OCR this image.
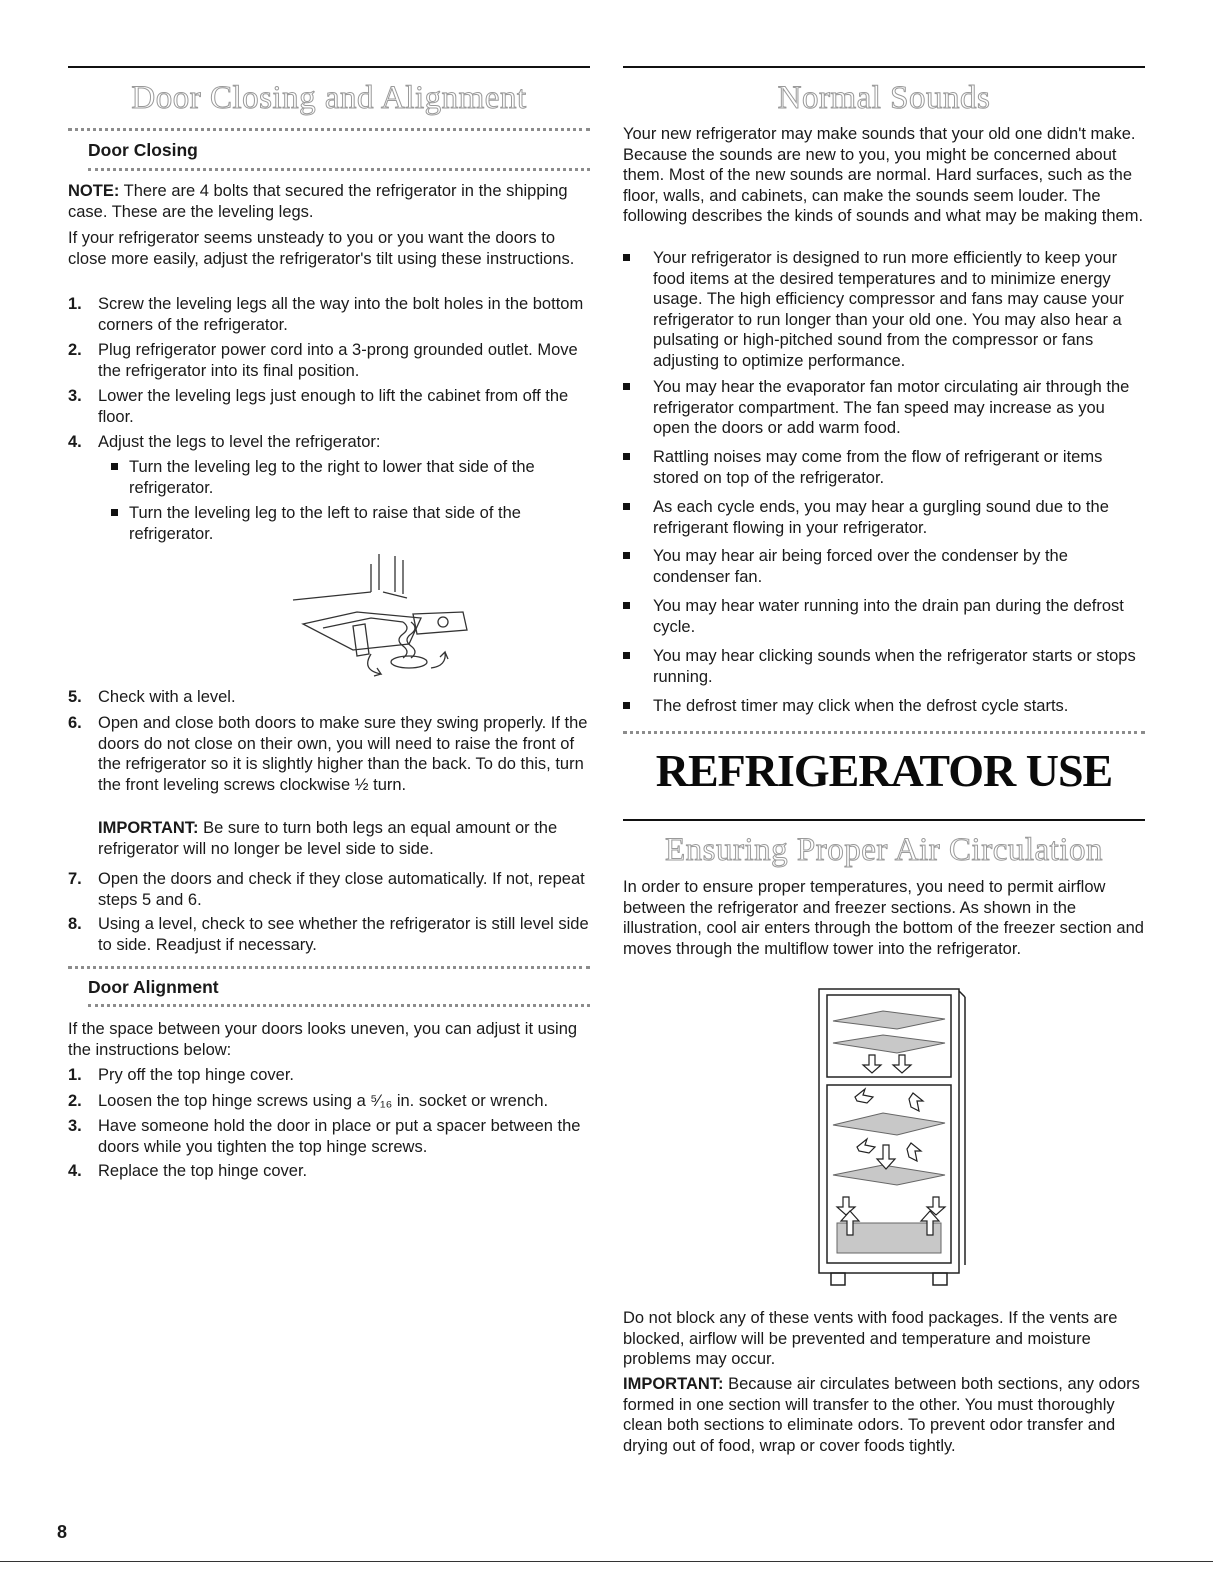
Door Closing and Alignment
Door Closing

NOTE: There are 4 bolts that secured the refrigerator in the shipping case. These are the leveling legs.

If your refrigerator seems unsteady to you or you want the doors to close more easily, adjust the refrigerator's tilt using these instructions.

1. Screw the leveling legs all the way into the bolt holes in the bottom corners of the refrigerator.
2. Plug refrigerator power cord into a 3-prong grounded outlet. Move the refrigerator into its final position.
3. Lower the leveling legs just enough to lift the cabinet from off the floor.
4. Adjust the legs to level the refrigerator:
Turn the leveling leg to the right to lower that side of the refrigerator.
Turn the leveling leg to the left to raise that side of the refrigerator.
5. Check with a level.
6. Open and close both doors to make sure they swing properly. If the doors do not close on their own, you will need to raise the front of the refrigerator so it is slightly higher than the back. To do this, turn the front leveling screws clockwise ½ turn.

IMPORTANT: Be sure to turn both legs an equal amount or the refrigerator will no longer be level side to side.

7. Open the doors and check if they close automatically. If not, repeat steps 5 and 6.
8. Using a level, check to see whether the refrigerator is still level side to side. Readjust if necessary.
Door Alignment

If the space between your doors looks uneven, you can adjust it using the instructions below:

1. Pry off the top hinge cover.
2. Loosen the top hinge screws using a ⁵⁄₁₆ in. socket or wrench.
3. Have someone hold the door in place or put a spacer between the doors while you tighten the top hinge screws.
4. Replace the top hinge cover.
Normal Sounds

Your new refrigerator may make sounds that your old one didn't make. Because the sounds are new to you, you might be concerned about them. Most of the new sounds are normal. Hard surfaces, such as the floor, walls, and cabinets, can make the sounds seem louder. The following describes the kinds of sounds and what may be making them.

Your refrigerator is designed to run more efficiently to keep your food items at the desired temperatures and to minimize energy usage. The high efficiency compressor and fans may cause your refrigerator to run longer than your old one. You may also hear a pulsating or high-pitched sound from the compressor or fans adjusting to optimize performance.
You may hear the evaporator fan motor circulating air through the refrigerator compartment. The fan speed may increase as you open the doors or add warm food.
Rattling noises may come from the flow of refrigerant or items stored on top of the refrigerator.
As each cycle ends, you may hear a gurgling sound due to the refrigerant flowing in your refrigerator.
You may hear air being forced over the condenser by the condenser fan.
You may hear water running into the drain pan during the defrost cycle.
You may hear clicking sounds when the refrigerator starts or stops running.
The defrost timer may click when the defrost cycle starts.
REFRIGERATOR USE
Ensuring Proper Air Circulation

In order to ensure proper temperatures, you need to permit airflow between the refrigerator and freezer sections. As shown in the illustration, cool air enters through the bottom of the freezer section and moves through the multiflow tower into the refrigerator.

Do not block any of these vents with food packages. If the vents are blocked, airflow will be prevented and temperature and moisture problems may occur.

IMPORTANT: Because air circulates between both sections, any odors formed in one section will transfer to the other. You must thoroughly clean both sections to eliminate odors. To prevent odor transfer and drying out of food, wrap or cover foods tightly.

8
